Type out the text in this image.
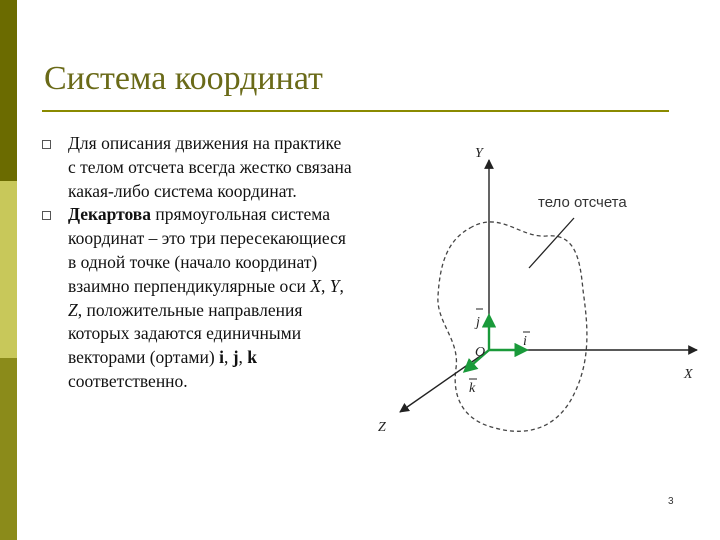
Система координат
Для описания движения на практике с телом отсчета всегда жестко связана какая-либо система координат.
Декартова прямоугольная система координат – это три пересекающиеся в одной точке (начало координат) взаимно перпендикулярные оси X, Y, Z, положительные направления которых задаются единичными векторами (ортами) i, j, k соответственно.
Y
X
Z
O
j
i
k
тело отсчета
3
